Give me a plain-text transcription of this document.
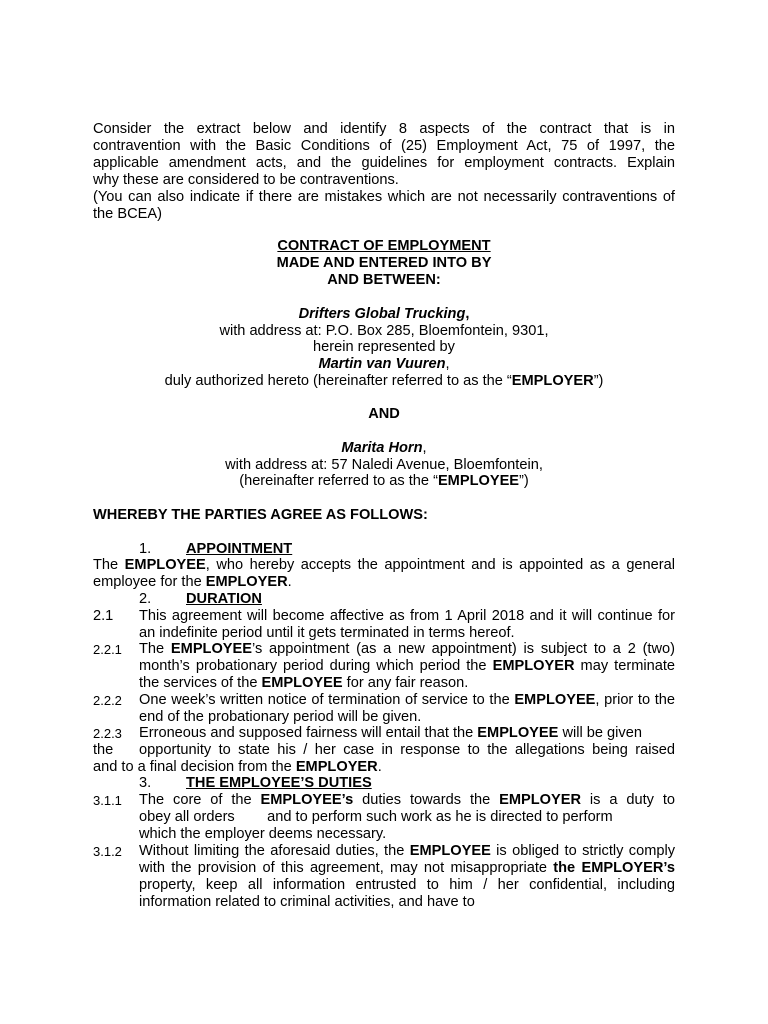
Consider the extract below and identify 8 aspects of the contract that is in
contravention with the Basic Conditions of (25) Employment Act, 75 of 1997, the
applicable amendment acts, and the guidelines for employment contracts. Explain
why these are considered to be contraventions.
(You can also indicate if there are mistakes which are not necessarily contraventions of the BCEA)
CONTRACT OF EMPLOYMENT
MADE AND ENTERED INTO BY
AND BETWEEN:
Drifters Global Trucking,
with address at: P.O. Box 285, Bloemfontein, 9301,
herein represented by
Martin van Vuuren,
duly authorized hereto (hereinafter referred to as the “EMPLOYER”)
AND
Marita Horn,
with address at: 57 Naledi Avenue, Bloemfontein,
(hereinafter referred to as the “EMPLOYEE”)
WHEREBY THE PARTIES AGREE AS FOLLOWS:
1. APPOINTMENT
The EMPLOYEE, who hereby accepts the appointment and is appointed as a general employee for the EMPLOYER.
2. DURATION
2.1 This agreement will become affective as from 1 April 2018 and it will continue for an indefinite period until it gets terminated in terms hereof.
2.2.1 The EMPLOYEE’s appointment (as a new appointment) is subject to a 2 (two) month’s probationary period during which period the EMPLOYER may terminate the services of the EMPLOYEE for any fair reason.
2.2.2 One week’s written notice of termination of service to the EMPLOYEE, prior to the end of the probationary period will be given.
2.2.3 Erroneous and supposed fairness will entail that the EMPLOYEE will be given
the opportunity to state his / her case in response to the allegations being raised
and to a final decision from the EMPLOYER.
3. THE EMPLOYEE’S DUTIES
3.1.1 The core of the EMPLOYEE’s duties towards the EMPLOYER is a duty to
obey all orders        and to perform such work as he is directed to perform
which the employer deems necessary.
3.1.2 Without limiting the aforesaid duties, the EMPLOYEE is obliged to strictly comply with the provision of this agreement, may not misappropriate the EMPLOYER’s property, keep all information entrusted to him / her confidential, including information related to criminal activities, and have to
